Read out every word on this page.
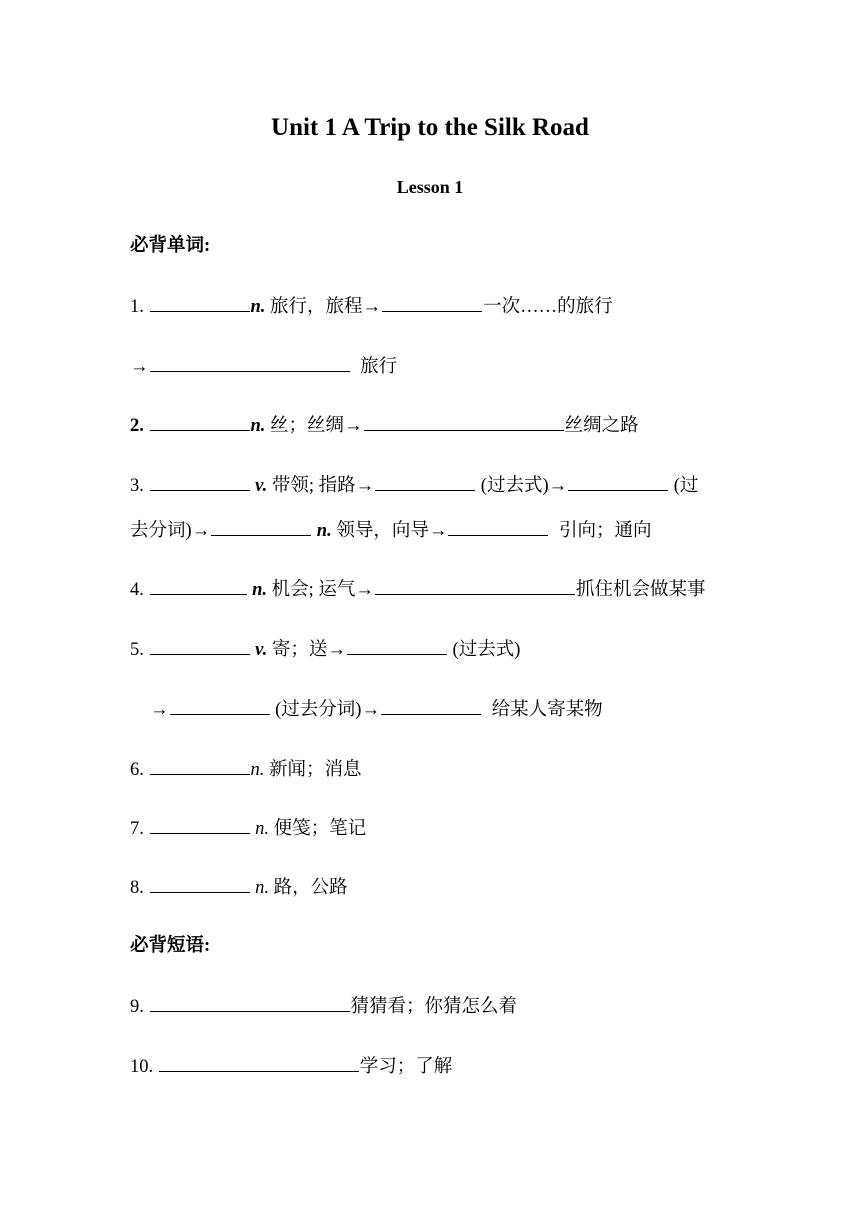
Unit 1 A Trip to the Silk Road
Lesson 1
必背单词:
1.	n. 旅行，旅程→	一次……的旅行
→	旅行
2.	n. 丝；丝绸→	丝绸之路
3.	v. 带领; 指路→	(过去式)→	(过
去分词)→	n. 领导，向导→	引向；通向
4.	n. 机会; 运气→	抓住机会做某事
5.	v. 寄；送→	(过去式)
→	(过去分词)→	给某人寄某物
6.	n. 新闻；消息
7.	n. 便笺；笔记
8.	n. 路，公路
必背短语:
9.	猜猜看；你猜怎么着
10.	学习；了解
